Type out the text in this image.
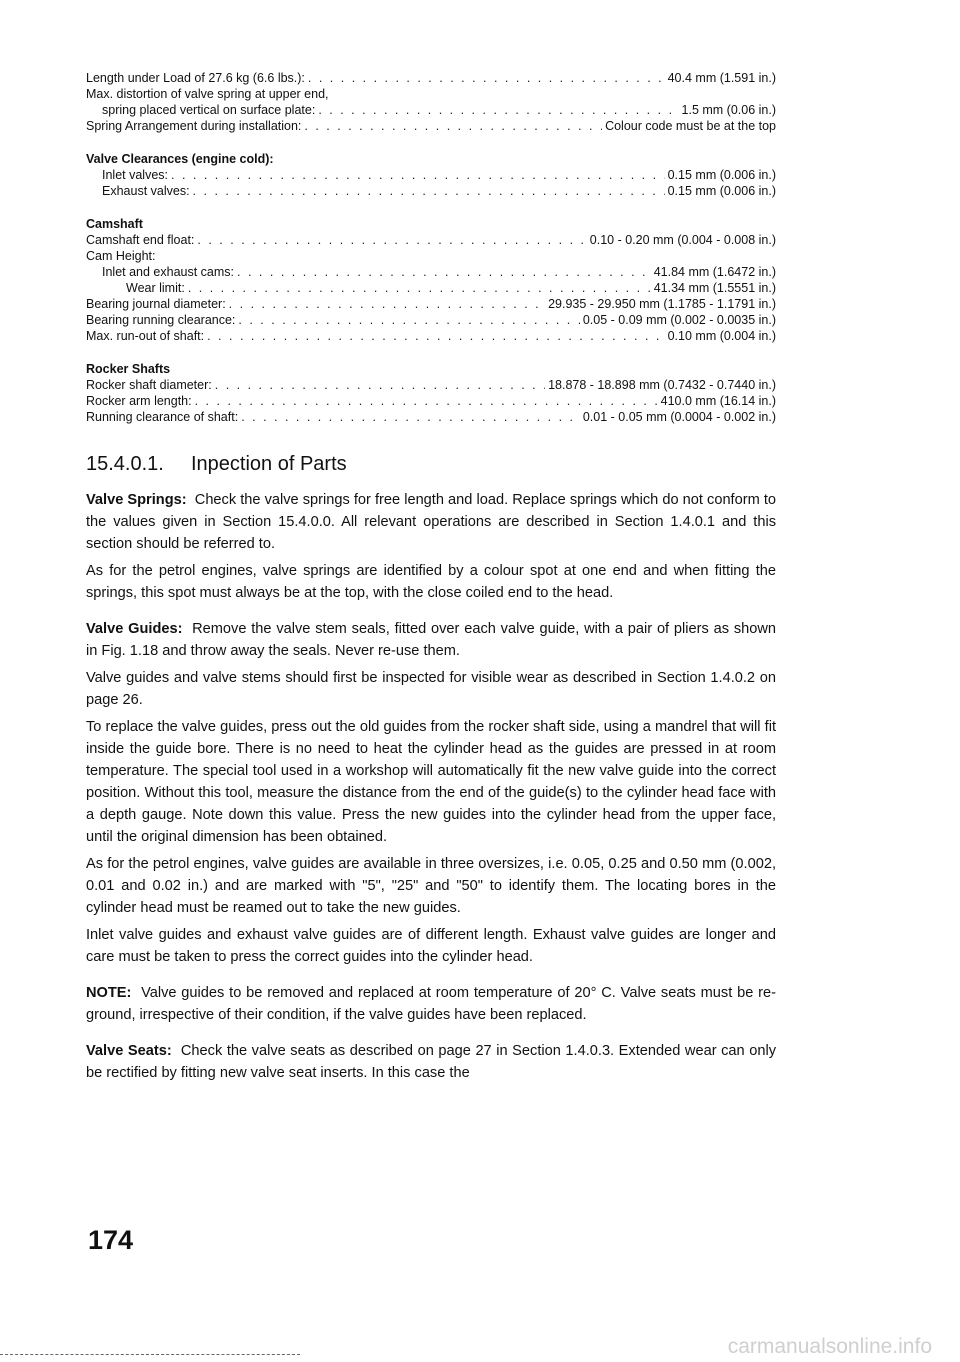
Length under Load of 27.6 kg (6.6 lbs.): . . .	40.4 mm (1.591 in.)
Max. distortion of valve spring at upper end,
spring placed vertical on surface plate: . . .	1.5 mm (0.06 in.)
Spring Arrangement during installation: . . .	Colour code must be at the top
Valve Clearances (engine cold):
Inlet valves: . . .	0.15 mm (0.006 in.)
Exhaust valves: . . .	0.15 mm (0.006 in.)
Camshaft
Camshaft end float: . . .	0.10 - 0.20 mm (0.004 - 0.008 in.)
Cam Height:
Inlet and exhaust cams: . . .	41.84 mm (1.6472 in.)
Wear limit: . . .	41.34 mm (1.5551 in.)
Bearing journal diameter: . . .	29.935 - 29.950 mm (1.1785 - 1.1791 in.)
Bearing running clearance: . . .	0.05 - 0.09 mm (0.002 - 0.0035 in.)
Max. run-out of shaft: . . .	0.10 mm (0.004 in.)
Rocker Shafts
Rocker shaft diameter: . . .	18.878 - 18.898 mm (0.7432 - 0.7440 in.)
Rocker arm length: . . .	410.0 mm (16.14 in.)
Running clearance of shaft: . . .	0.01 - 0.05 mm (0.0004 - 0.002 in.)
15.4.0.1. Inpection of Parts

Valve Springs: Check the valve springs for free length and load. Replace springs which do not conform to the values given in Section 15.4.0.0. All relevant operations are described in Section 1.4.0.1 and this section should be referred to.

As for the petrol engines, valve springs are identified by a colour spot at one end and when fitting the springs, this spot must always be at the top, with the close coiled end to the head.

Valve Guides: Remove the valve stem seals, fitted over each valve guide, with a pair of pliers as shown in Fig. 1.18 and throw away the seals. Never re-use them.

Valve guides and valve stems should first be inspected for visible wear as described in Section 1.4.0.2 on page 26.

To replace the valve guides, press out the old guides from the rocker shaft side, using a mandrel that will fit inside the guide bore. There is no need to heat the cylinder head as the guides are pressed in at room temperature. The special tool used in a workshop will automatically fit the new valve guide into the correct position. Without this tool, measure the distance from the end of the guide(s) to the cylinder head face with a depth gauge. Note down this value. Press the new guides into the cylinder head from the upper face, until the original dimension has been obtained.

As for the petrol engines, valve guides are available in three oversizes, i.e. 0.05, 0.25 and 0.50 mm (0.002, 0.01 and 0.02 in.) and are marked with "5", "25" and "50" to identify them. The locating bores in the cylinder head must be reamed out to take the new guides.

Inlet valve guides and exhaust valve guides are of different length. Exhaust valve guides are longer and care must be taken to press the correct guides into the cylinder head.

NOTE: Valve guides to be removed and replaced at room temperature of 20° C. Valve seats must be re-ground, irrespective of their condition, if the valve guides have been replaced.

Valve Seats: Check the valve seats as described on page 27 in Section 1.4.0.3. Extended wear can only be rectified by fitting new valve seat inserts. In this case the

174
carmanualsonline.info
